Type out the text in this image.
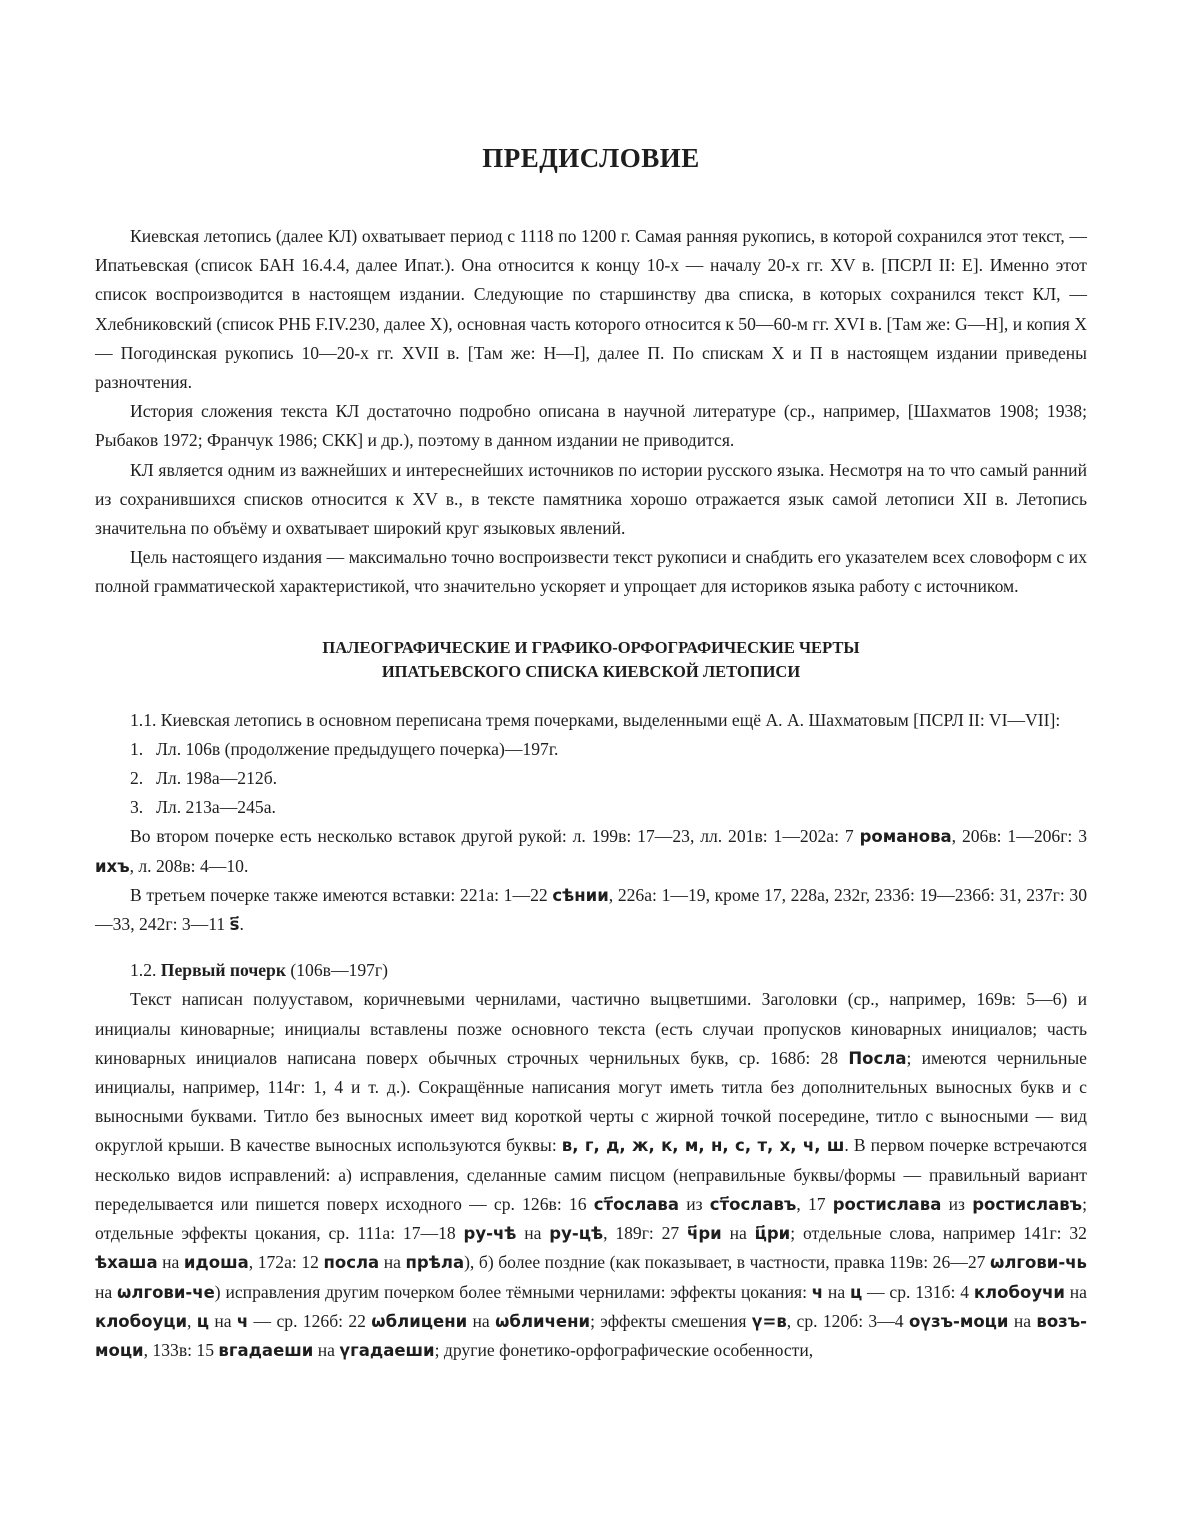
ПРЕДИСЛОВИЕ

Киевская летопись (далее КЛ) охватывает период с 1118 по 1200 г. Самая ранняя рукопись, в которой сохранился этот текст, — Ипатьевская (список БАН 16.4.4, далее Ипат.). Она относится к концу 10-х — началу 20-х гг. XV в. [ПСРЛ II: Е]. Именно этот список воспроизводится в настоящем издании. Следующие по старшинству два списка, в которых сохранился текст КЛ, — Хлебниковский (список РНБ F.IV.230, далее Х), основная часть которого относится к 50—60-м гг. XVI в. [Там же: G—H], и копия Х — Погодинская рукопись 10—20-х гг. XVII в. [Там же: H—I], далее П. По спискам Х и П в настоящем издании приведены разночтения.

История сложения текста КЛ достаточно подробно описана в научной литературе (ср., например, [Шахматов 1908; 1938; Рыбаков 1972; Франчук 1986; СКК] и др.), поэтому в данном издании не приводится.

КЛ является одним из важнейших и интереснейших источников по истории русского языка. Несмотря на то что самый ранний из сохранившихся списков относится к XV в., в тексте памятника хорошо отражается язык самой летописи XII в. Летопись значительна по объёму и охватывает широкий круг языковых явлений.

Цель настоящего издания — максимально точно воспроизвести текст рукописи и снабдить его указателем всех словоформ с их полной грамматической характеристикой, что значительно ускоряет и упрощает для историков языка работу с источником.

ПАЛЕОГРАФИЧЕСКИЕ И ГРАФИКО-ОРФОГРАФИЧЕСКИЕ ЧЕРТЫ
ИПАТЬЕВСКОГО СПИСКА КИЕВСКОЙ ЛЕТОПИСИ

1.1. Киевская летопись в основном переписана тремя почерками, выделенными ещё А. А. Шахматовым [ПСРЛ II: VI—VII]:

1. Лл. 106в (продолжение предыдущего почерка)—197г.
2. Лл. 198а—212б.
3. Лл. 213а—245а.

Во втором почерке есть несколько вставок другой рукой: л. 199в: 17—23, лл. 201в: 1—202а: 7 романова, 206в: 1—206г: 3 ихъ, л. 208в: 4—10.

В третьем почерке также имеются вставки: 221а: 1—22 сѣнии, 226а: 1—19, кроме 17, 228а, 232г, 233б: 19—236б: 31, 237г: 30—33, 242г: 3—11 ѕ҃.

1.2. Первый почерк (106в—197г)

Текст написан полууставом, коричневыми чернилами, частично выцветшими. Заголовки (ср., например, 169в: 5—6) и инициалы киноварные; инициалы вставлены позже основного текста (есть случаи пропусков киноварных инициалов; часть киноварных инициалов написана поверх обычных строчных чернильных букв, ср. 168б: 28 Посла; имеются чернильные инициалы, например, 114г: 1, 4 и т. д.). Сокращённые написания могут иметь титла без дополнительных выносных букв и с выносными буквами. Титло без выносных имеет вид короткой черты с жирной точкой посередине, титло с выносными — вид округлой крыши. В качестве выносных используются буквы: в, г, д, ж, к, м, н, с, т, х, ч, ш. В первом почерке встречаются несколько видов исправлений: а) исправления, сделанные самим писцом (неправильные буквы/формы — правильный вариант переделывается или пишется поверх исходного — ср. 126в: 16 ст҃ослава из ст҃ославъ, 17 ростислава из ростиславъ; отдельные эффекты цокания, ср. 111а: 17—18 ру-чѣ на ру-цѣ, 189г: 27 ч҃ри на ц҃ри; отдельные слова, например 141г: 32 ѣхаша на идоша, 172а: 12 посла на прѣла), б) более поздние (как показывает, в частности, правка 119в: 26—27 ѡлгови-чь на ѡлгови-че) исправления другим почерком более тёмными чернилами: эффекты цокания: ч на ц — ср. 131б: 4 клобоучи на клобоуци, ц на ч — ср. 126б: 22 ѡблицени на ѡбличени; эффекты смешения ү=в, ср. 120б: 3—4 оүзъ-моци на возъ-моци, 133в: 15 вгадаеши на үгадаеши; другие фонетико-орфографические особенности,
